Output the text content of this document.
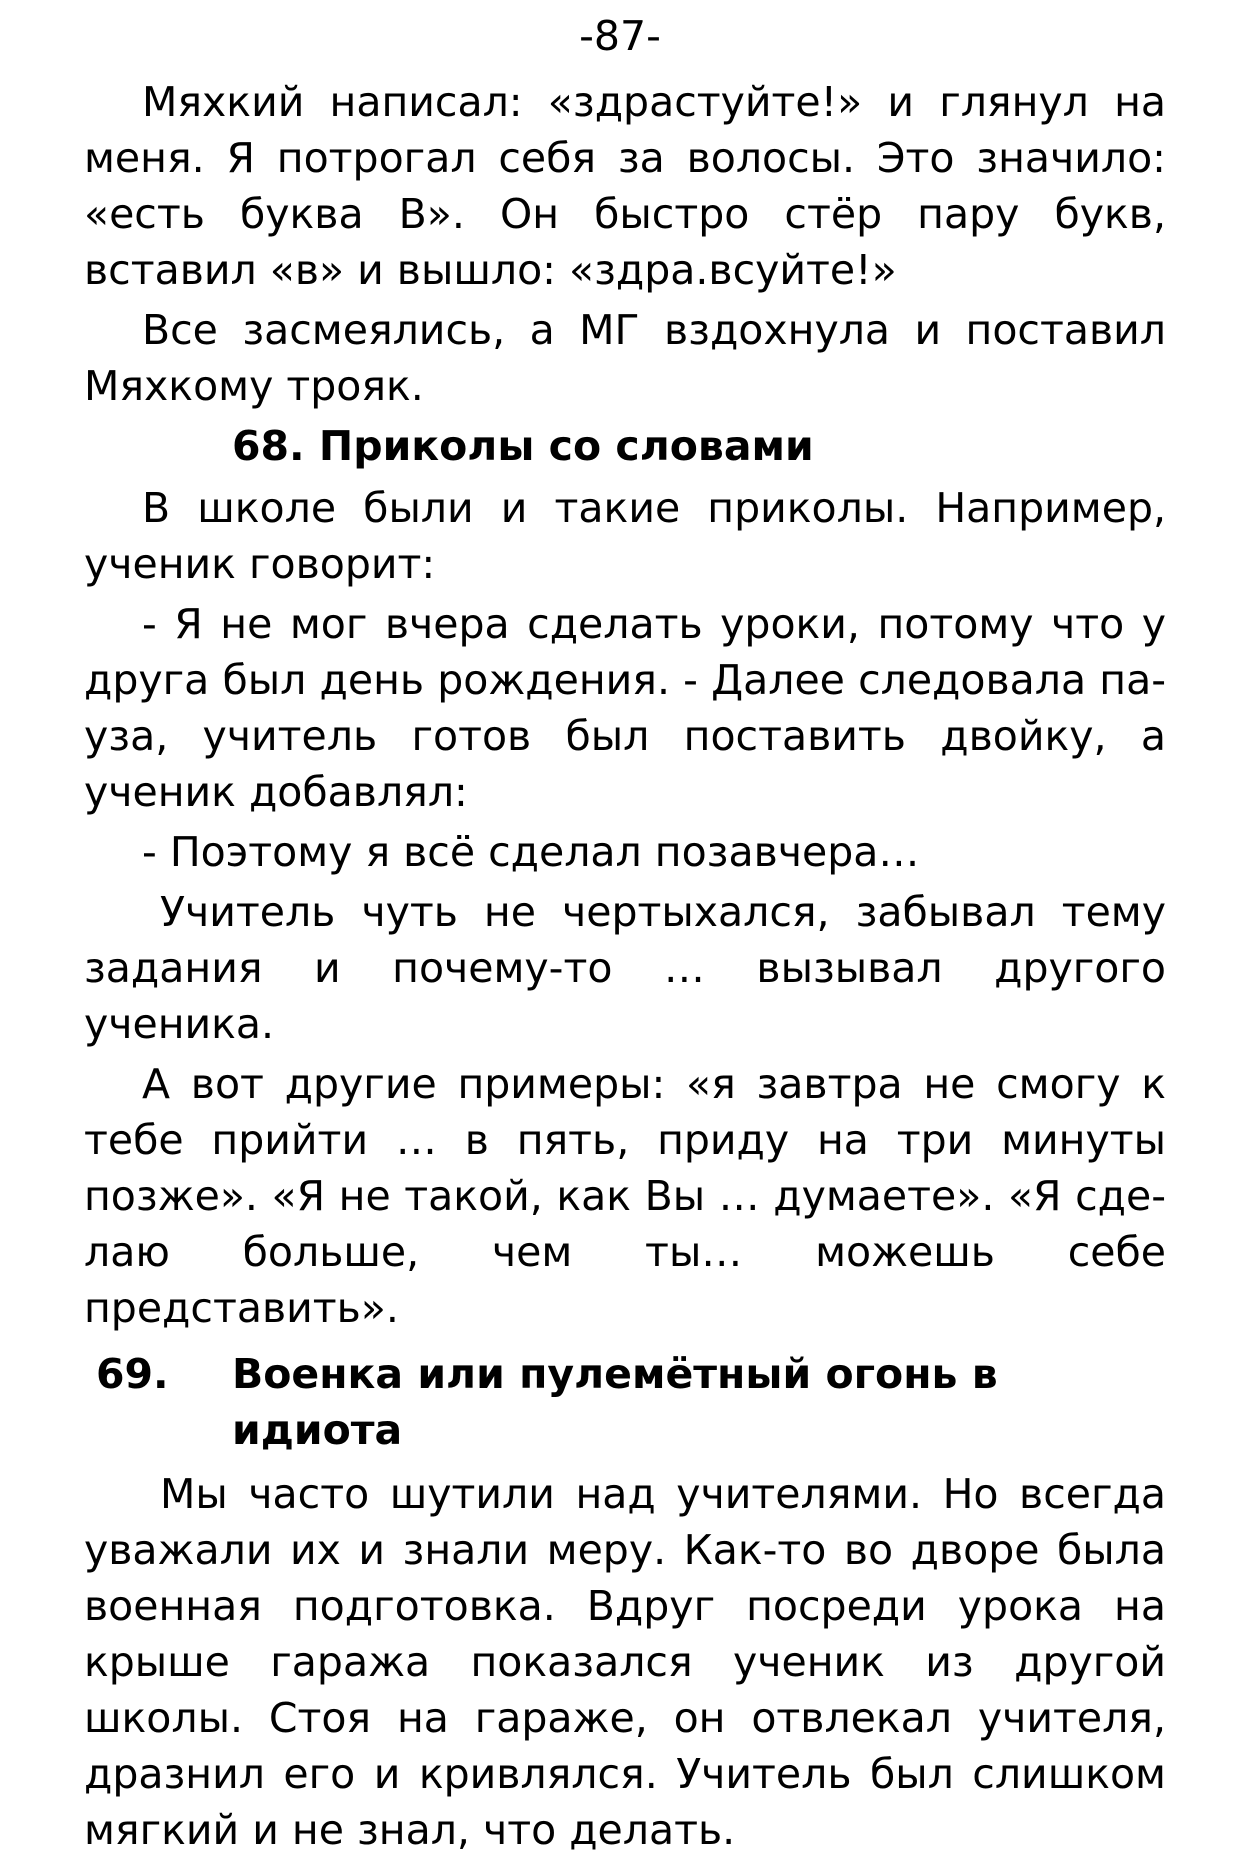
-87-

Мяхкий написал: «здрастуйте!» и глянул на меня. Я потрогал себя за волосы. Это значило: «есть буква В». Он быстро стёр пару букв, вставил «в» и вышло: «здра.всуйте!»

Все засмеялись, а МГ вздохнула и поставил Мяхкому трояк.

68. Приколы со словами

В школе были и такие приколы. Например, ученик говорит:

- Я не мог вчера сделать уроки, потому что у друга был день рождения. - Далее следовала пауза, учитель готов был поставить двойку, а ученик добавлял:

- Поэтому я всё сделал позавчера…

Учитель чуть не чертыхался, забывал тему задания и почему-то … вызывал другого ученика.

А вот другие примеры: «я завтра не смогу к тебе прийти … в пять, приду на три минуты позже». «Я не такой, как Вы … думаете». «Я сделаю больше, чем ты… можешь себе представить».

69.	Военка или пулемётный огонь в идиота

Мы часто шутили над учителями. Но всегда уважали их и знали меру. Как-то во дворе была военная подготовка. Вдруг посреди урока на крыше гаража показался ученик из другой школы. Стоя на гараже, он отвлекал учителя, дразнил его и кривлялся. Учитель был слишком мягкий и не знал, что делать.
